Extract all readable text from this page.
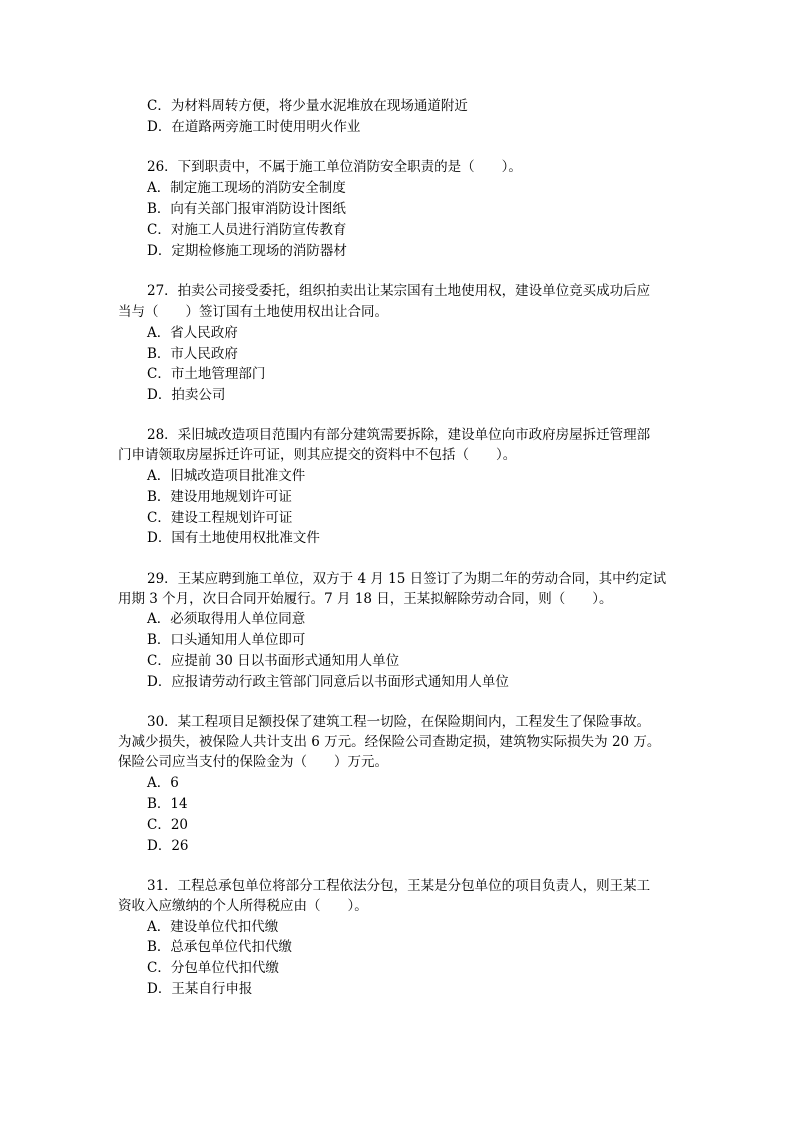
C．为材料周转方便，将少量水泥堆放在现场通道附近
D．在道路两旁施工时使用明火作业
26．下到职责中，不属于施工单位消防安全职责的是（　　）。
A．制定施工现场的消防安全制度
B．向有关部门报审消防设计图纸
C．对施工人员进行消防宣传教育
D．定期检修施工现场的消防器材
27．拍卖公司接受委托，组织拍卖出让某宗国有土地使用权，建设单位竞买成功后应
当与（　　）签订国有土地使用权出让合同。
A．省人民政府
B．市人民政府
C．市土地管理部门
D．拍卖公司
28．采旧城改造项目范围内有部分建筑需要拆除，建设单位向市政府房屋拆迁管理部
门申请领取房屋拆迁许可证，则其应提交的资料中不包括（　　）。
A．旧城改造项目批准文件
B．建设用地规划许可证
C．建设工程规划许可证
D．国有土地使用权批准文件
29．王某应聘到施工单位，双方于 4 月 15 日签订了为期二年的劳动合同，其中约定试
用期 3 个月，次日合同开始履行。7 月 18 日，王某拟解除劳动合同，则（　　）。
A．必须取得用人单位同意
B．口头通知用人单位即可
C．应提前 30 日以书面形式通知用人单位
D．应报请劳动行政主管部门同意后以书面形式通知用人单位
30．某工程项目足额投保了建筑工程一切险，在保险期间内，工程发生了保险事故。
为减少损失，被保险人共计支出 6 万元。经保险公司查勘定损，建筑物实际损失为 20 万。
保险公司应当支付的保险金为（　　）万元。
A．6
B．14
C．20
D．26
31．工程总承包单位将部分工程依法分包，王某是分包单位的项目负责人，则王某工
资收入应缴纳的个人所得税应由（　　）。
A．建设单位代扣代缴
B．总承包单位代扣代缴
C．分包单位代扣代缴
D．王某自行申报
